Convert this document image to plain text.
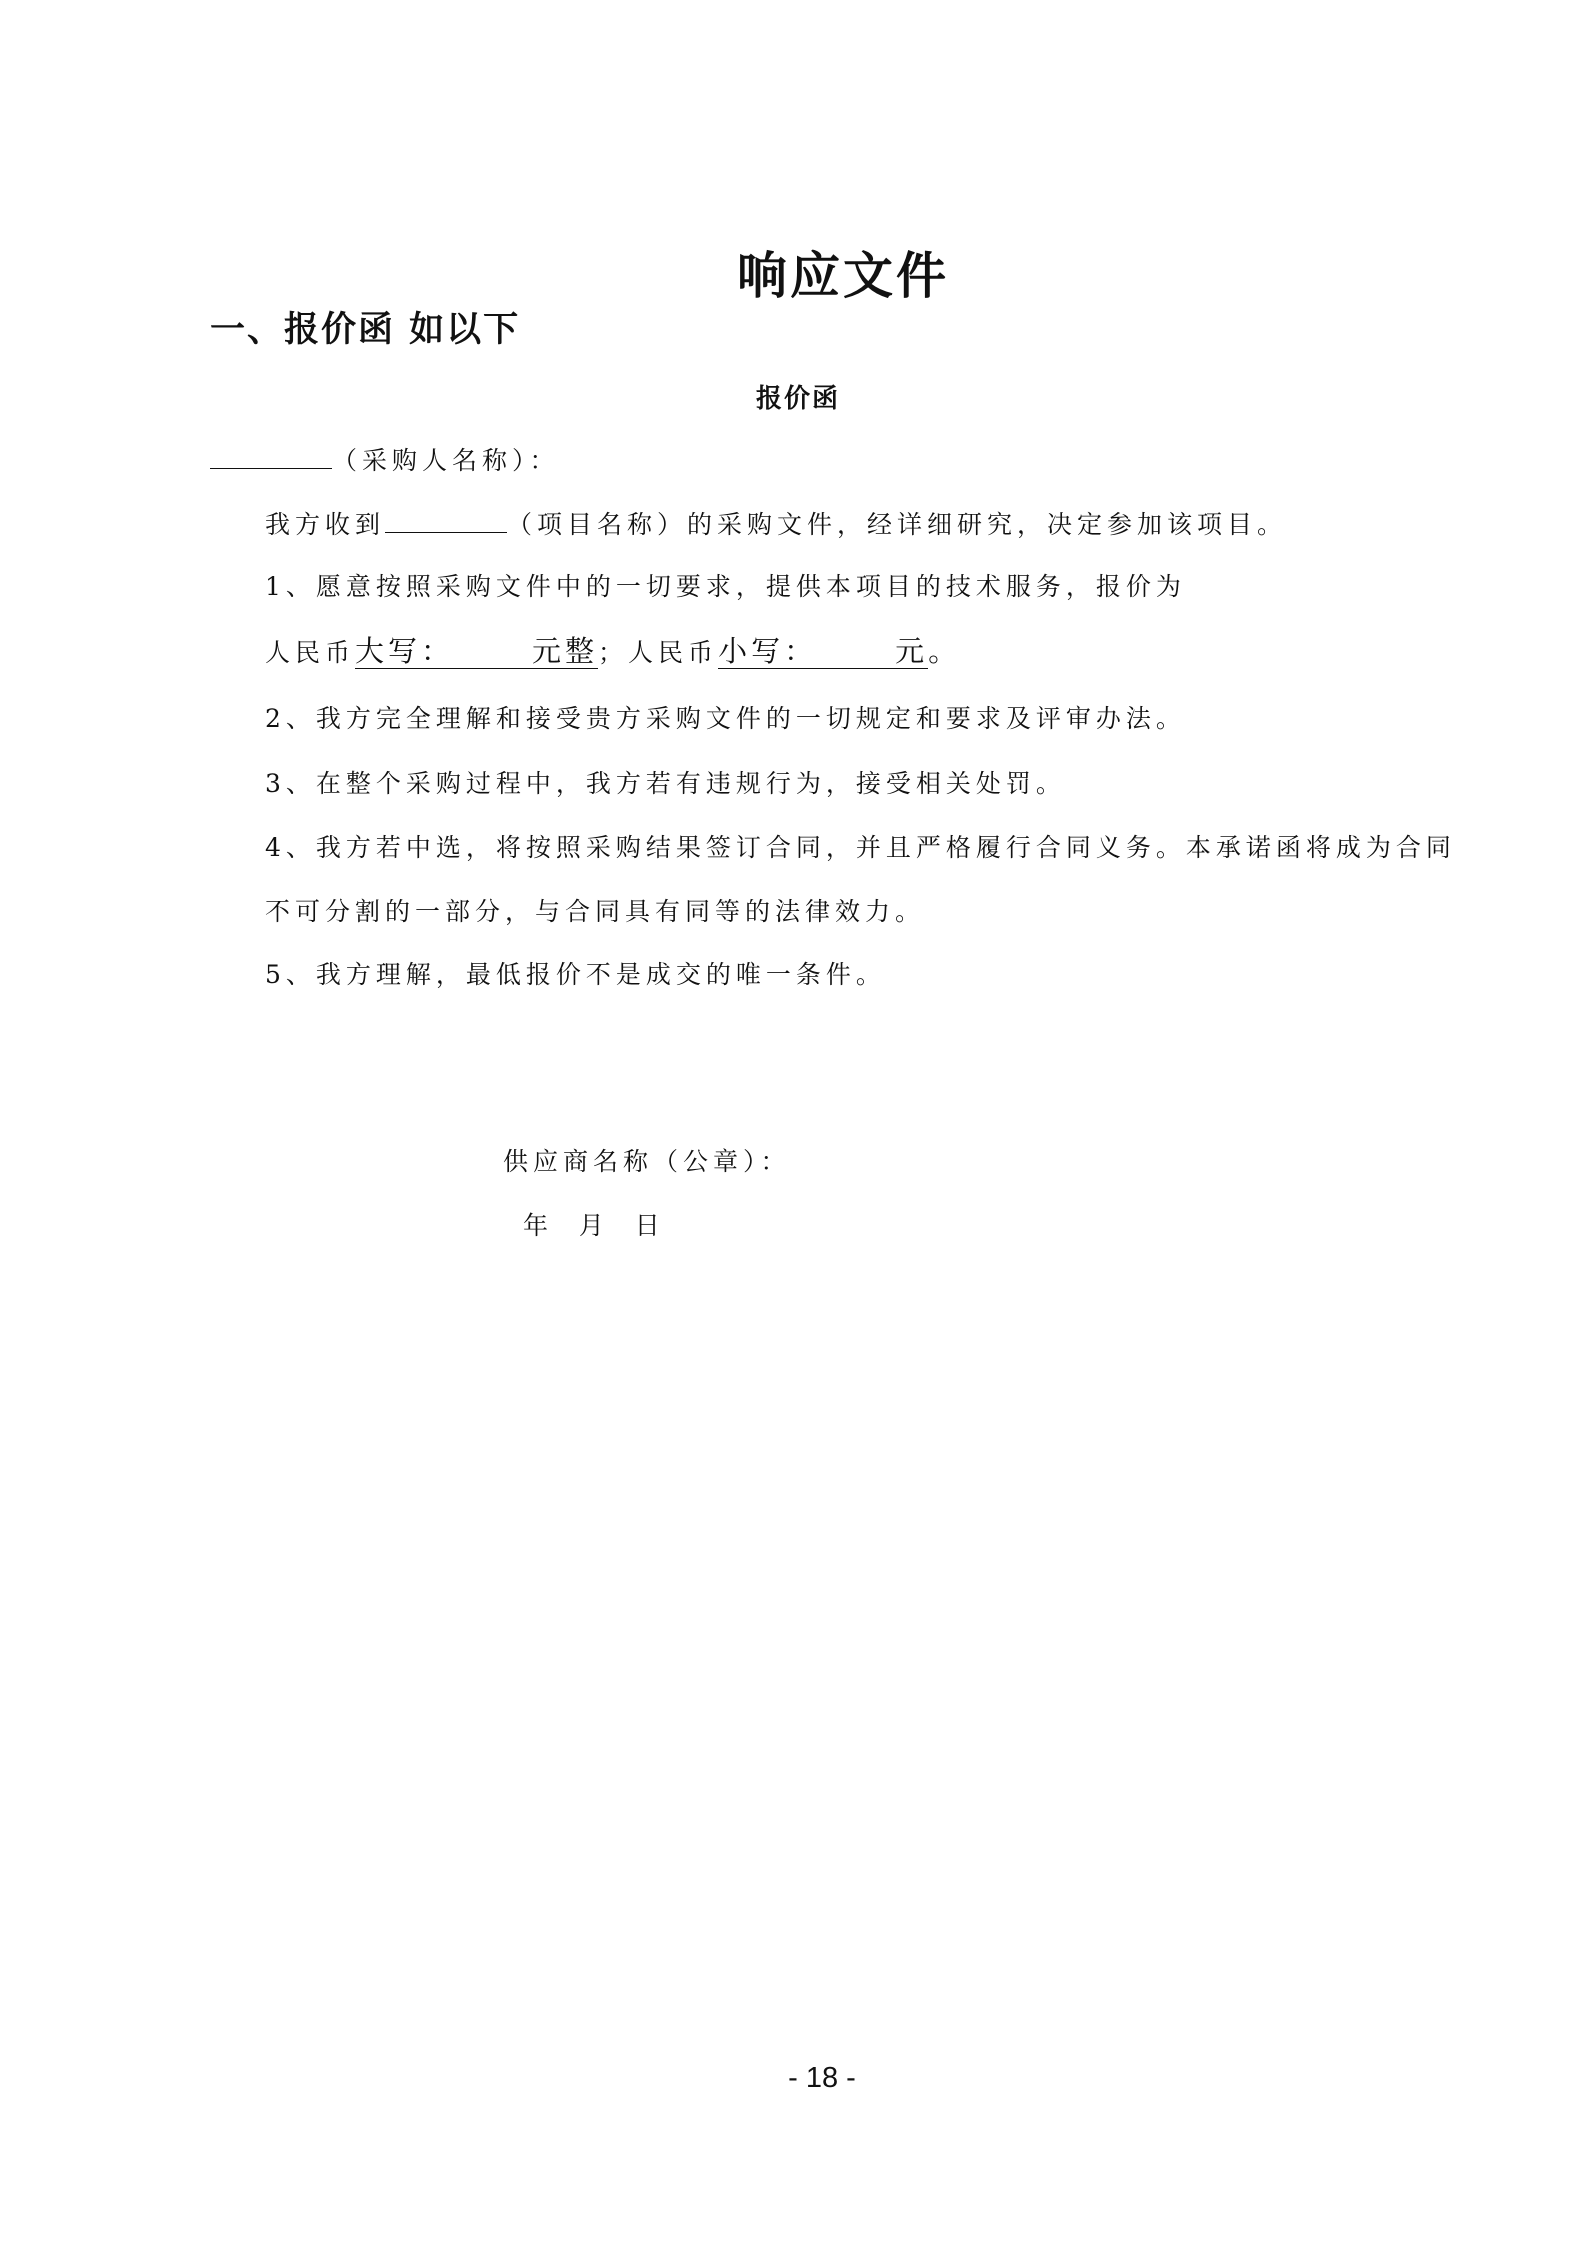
响应文件
一、报价函 如以下
报价函
（采购人名称）：
我方收到	（项目名称）的采购文件，经详细研究，决定参加该项目。
1、愿意按照采购文件中的一切要求，提供本项目的技术服务，报价为
人民币大写：	元整；人民币小写：	元。
2、我方完全理解和接受贵方采购文件的一切规定和要求及评审办法。
3、在整个采购过程中，我方若有违规行为，接受相关处罚。
4、我方若中选，将按照采购结果签订合同，并且严格履行合同义务。本承诺函将成为合同
不可分割的一部分，与合同具有同等的法律效力。
5、我方理解，最低报价不是成交的唯一条件。
供应商名称（公章）：
年  月  日
- 18 -
